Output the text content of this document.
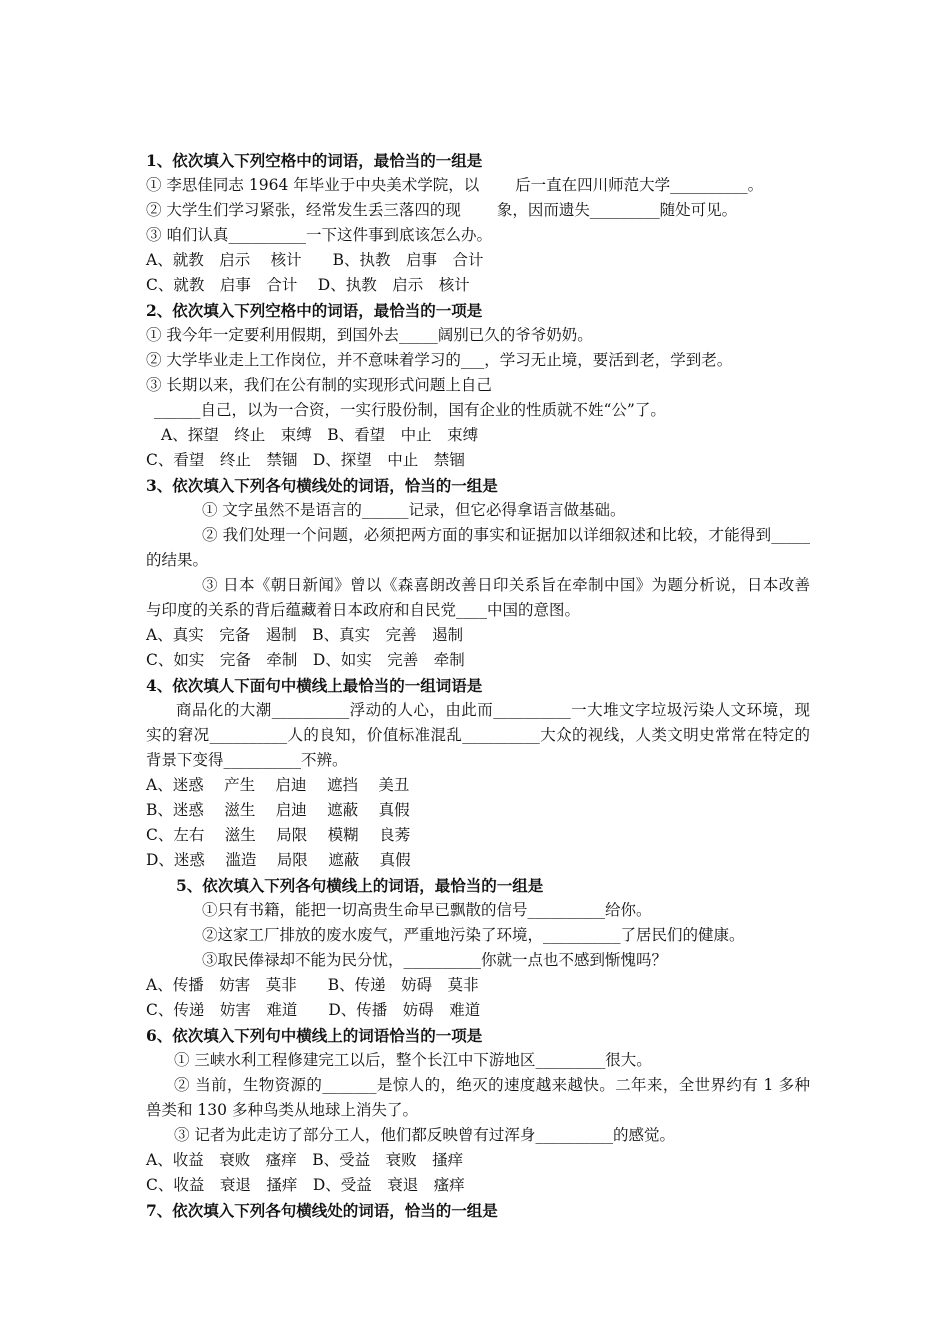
1、依次填入下列空格中的词语，最恰当的一组是

① 李思佳同志 1964 年毕业于中央美术学院，以　　 后一直在四川师范大学__________。

② 大学生们学习紧张，经常发生丢三落四的现　　 象，因而遗失_________随处可见。

③ 咱们认真__________一下这件事到底该怎么办。

A、就教　启示　 核计　　B、执教　启事　合计

C、就教　启事　合计　 D、执教　启示　核计

2、依次填入下列空格中的词语，最恰当的一项是

① 我今年一定要利用假期，到国外去_____阔别已久的爷爷奶奶。

② 大学毕业走上工作岗位，并不意味着学习的___，学习无止境，要活到老，学到老。

③ 长期以来，我们在公有制的实现形式问题上自己

______自己，以为一合资，一实行股份制，国有企业的性质就不姓“公”了。

A、探望　终止　束缚　B、看望　中止　束缚

C、看望　终止　禁锢　D、探望　中止　禁锢

3、依次填入下列各句横线处的词语，恰当的一组是

① 文字虽然不是语言的______记录，但它必得拿语言做基础。

② 我们处理一个问题，必须把两方面的事实和证据加以详细叙述和比较，才能得到_____的结果。

③ 日本《朝日新闻》曾以《森喜朗改善日印关系旨在牵制中国》为题分析说，日本改善与印度的关系的背后蕴藏着日本政府和自民党____中国的意图。

A、真实　完备　遏制　B、真实　完善　遏制

C、如实　完备　牵制　D、如实　完善　牵制

4、依次填人下面句中横线上最恰当的一组词语是

商品化的大潮__________浮动的人心，由此而__________一大堆文字垃圾污染人文环境，现实的窘况__________人的良知，价值标准混乱__________大众的视线，人类文明史常常在特定的背景下变得__________不辨。

A、迷惑　 产生　 启迪　 遮挡　 美丑

B、迷惑　 滋生　 启迪　 遮蔽　 真假

C、左右　 滋生　 局限　 模糊　 良莠

D、迷惑　 滥造　 局限　 遮蔽　 真假

5、依次填入下列各句横线上的词语，最恰当的一组是

①只有书籍，能把一切高贵生命早已飘散的信号__________给你。

②这家工厂排放的废水废气，严重地污染了环境，__________了居民们的健康。

③取民俸禄却不能为民分忧，__________你就一点也不感到惭愧吗？

A、传播　妨害　莫非　　B、传递　妨碍　莫非

C、传递　妨害　难道　　D、传播　妨碍　难道

6、依次填入下列句中横线上的词语恰当的一项是

① 三峡水利工程修建完工以后，整个长江中下游地区_________很大。

② 当前，生物资源的_______是惊人的，绝灭的速度越来越快。二年来，全世界约有 1 多种兽类和 130 多种鸟类从地球上消失了。

③ 记者为此走访了部分工人，他们都反映曾有过浑身__________的感觉。

A、收益　衰败　瘙痒　B、受益　衰败　搔痒

C、收益　衰退　搔痒　D、受益　衰退　瘙痒

7、依次填入下列各句横线处的词语，恰当的一组是
